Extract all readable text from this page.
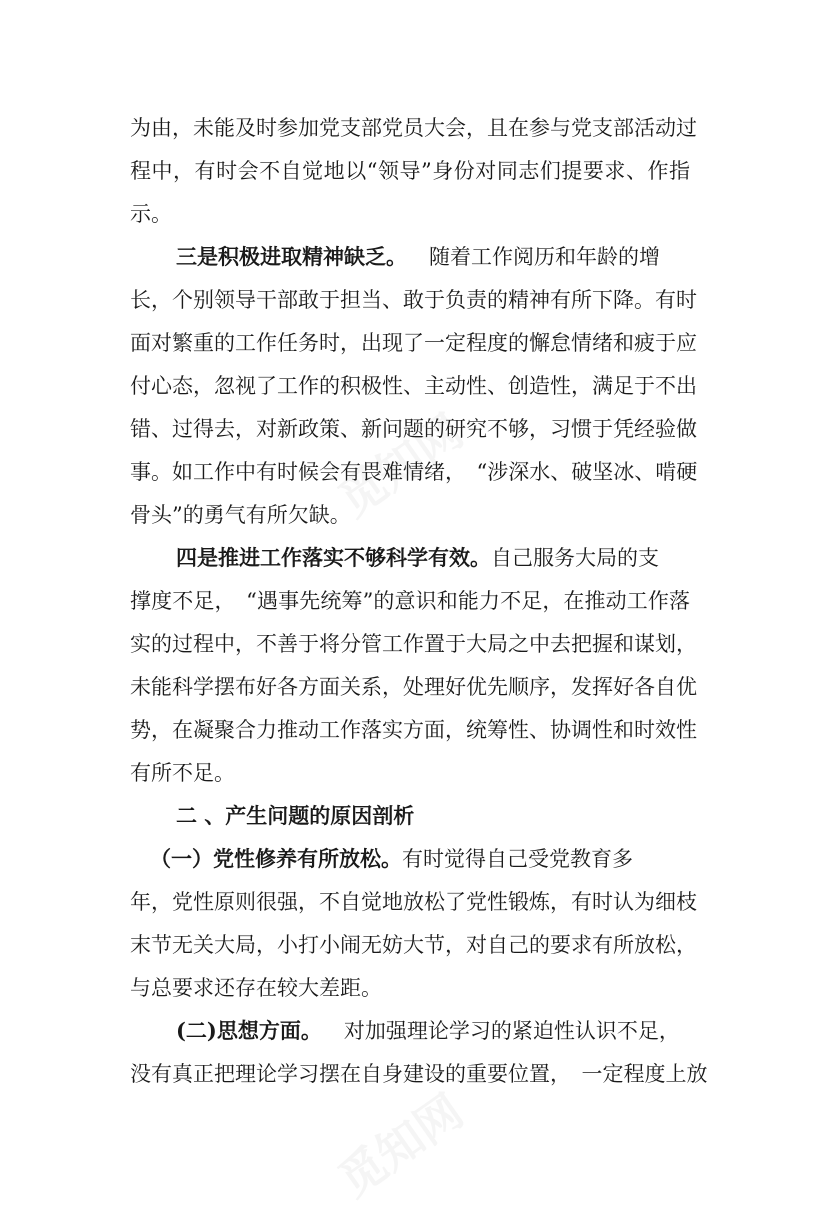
为由，未能及时参加党支部党员大会，且在参与党支部活动过
程中，有时会不自觉地以“领导”身份对同志们提要求、作指
示。
三是积极进取精神缺乏。 随着工作阅历和年龄的增
长，个别领导干部敢于担当、敢于负责的精神有所下降。有时
面对繁重的工作任务时，出现了一定程度的懈怠情绪和疲于应
付心态，忽视了工作的积极性、主动性、创造性，满足于不出
错、过得去，对新政策、新问题的研究不够，习惯于凭经验做
事。如工作中有时候会有畏难情绪，　“涉深水、破坚冰、啃硬
骨头”的勇气有所欠缺。
四是推进工作落实不够科学有效。自己服务大局的支
撑度不足，　“遇事先统筹”的意识和能力不足，在推动工作落
实的过程中，不善于将分管工作置于大局之中去把握和谋划，
未能科学摆布好各方面关系，处理好优先顺序，发挥好各自优
势，在凝聚合力推动工作落实方面，统筹性、协调性和时效性
有所不足。
二 、产生问题的原因剖析
（一）党性修养有所放松。有时觉得自己受党教育多
年，党性原则很强，不自觉地放松了党性锻炼，有时认为细枝
末节无关大局，小打小闹无妨大节，对自己的要求有所放松，
与总要求还存在较大差距。
(二)思想方面。 对加强理论学习的紧迫性认识不足，
没有真正把理论学习摆在自身建设的重要位置，　一定程度上放
觅知网
觅知网
